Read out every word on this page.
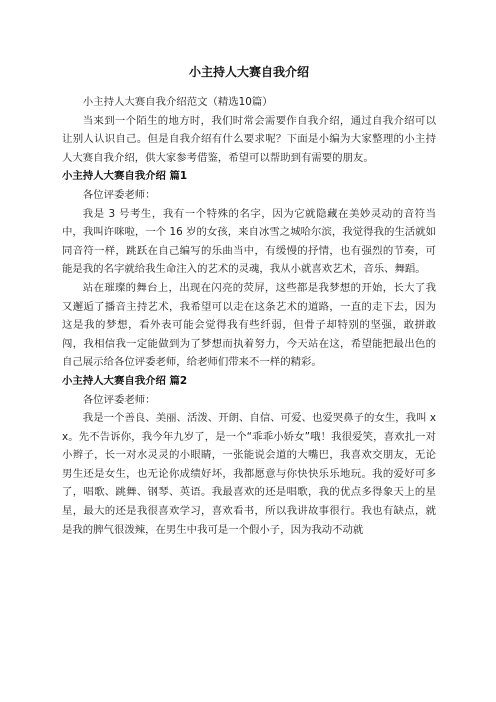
小主持人大赛自我介绍

小主持人大赛自我介绍范文（精选10篇）

当来到一个陌生的地方时，我们时常会需要作自我介绍，通过自我介绍可以让别人认识自己。但是自我介绍有什么要求呢？下面是小编为大家整理的小主持人大赛自我介绍，供大家参考借鉴，希望可以帮助到有需要的朋友。

小主持人大赛自我介绍 篇1

各位评委老师：

我是 3 号考生，我有一个特殊的名字，因为它就隐藏在美妙灵动的音符当中，我叫许咪啦，一个 16 岁的女孩，来自冰雪之城哈尔滨，我觉得我的生活就如同音符一样，跳跃在自己编写的乐曲当中，有缓慢的抒情，也有强烈的节奏，可能是我的名字就给我生命注入的艺术的灵魂，我从小就喜欢艺术，音乐、舞蹈。

站在璀璨的舞台上，出现在闪亮的荧屏，这些都是我梦想的开始，长大了我又邂逅了播音主持艺术，我希望可以走在这条艺术的道路，一直的走下去，因为这是我的梦想，看外表可能会觉得我有些纤弱，但骨子却特别的坚强，敢拼敢闯，我相信我一定能做到为了梦想而执着努力，今天站在这，希望能把最出色的自己展示给各位评委老师，给老师们带来不一样的精彩。

小主持人大赛自我介绍 篇2

各位评委老师：

我是一个善良、美丽、活泼、开朗、自信、可爱、也爱哭鼻子的女生，我叫 xx。先不告诉你，我今年九岁了，是一个“乖乖小娇女”哦！我很爱笑，喜欢扎一对小辫子，长一对水灵灵的小眼睛，一张能说会道的大嘴巴，我喜欢交朋友，无论男生还是女生，也无论你成绩好坏，我都愿意与你快快乐乐地玩。我的爱好可多了，唱歌、跳舞、钢琴、英语。我最喜欢的还是唱歌，我的优点多得象天上的星星，最大的还是我很喜欢学习，喜欢看书，所以我讲故事很行。我也有缺点，就是我的脾气很泼辣，在男生中我可是一个假小子，因为我动不动就
